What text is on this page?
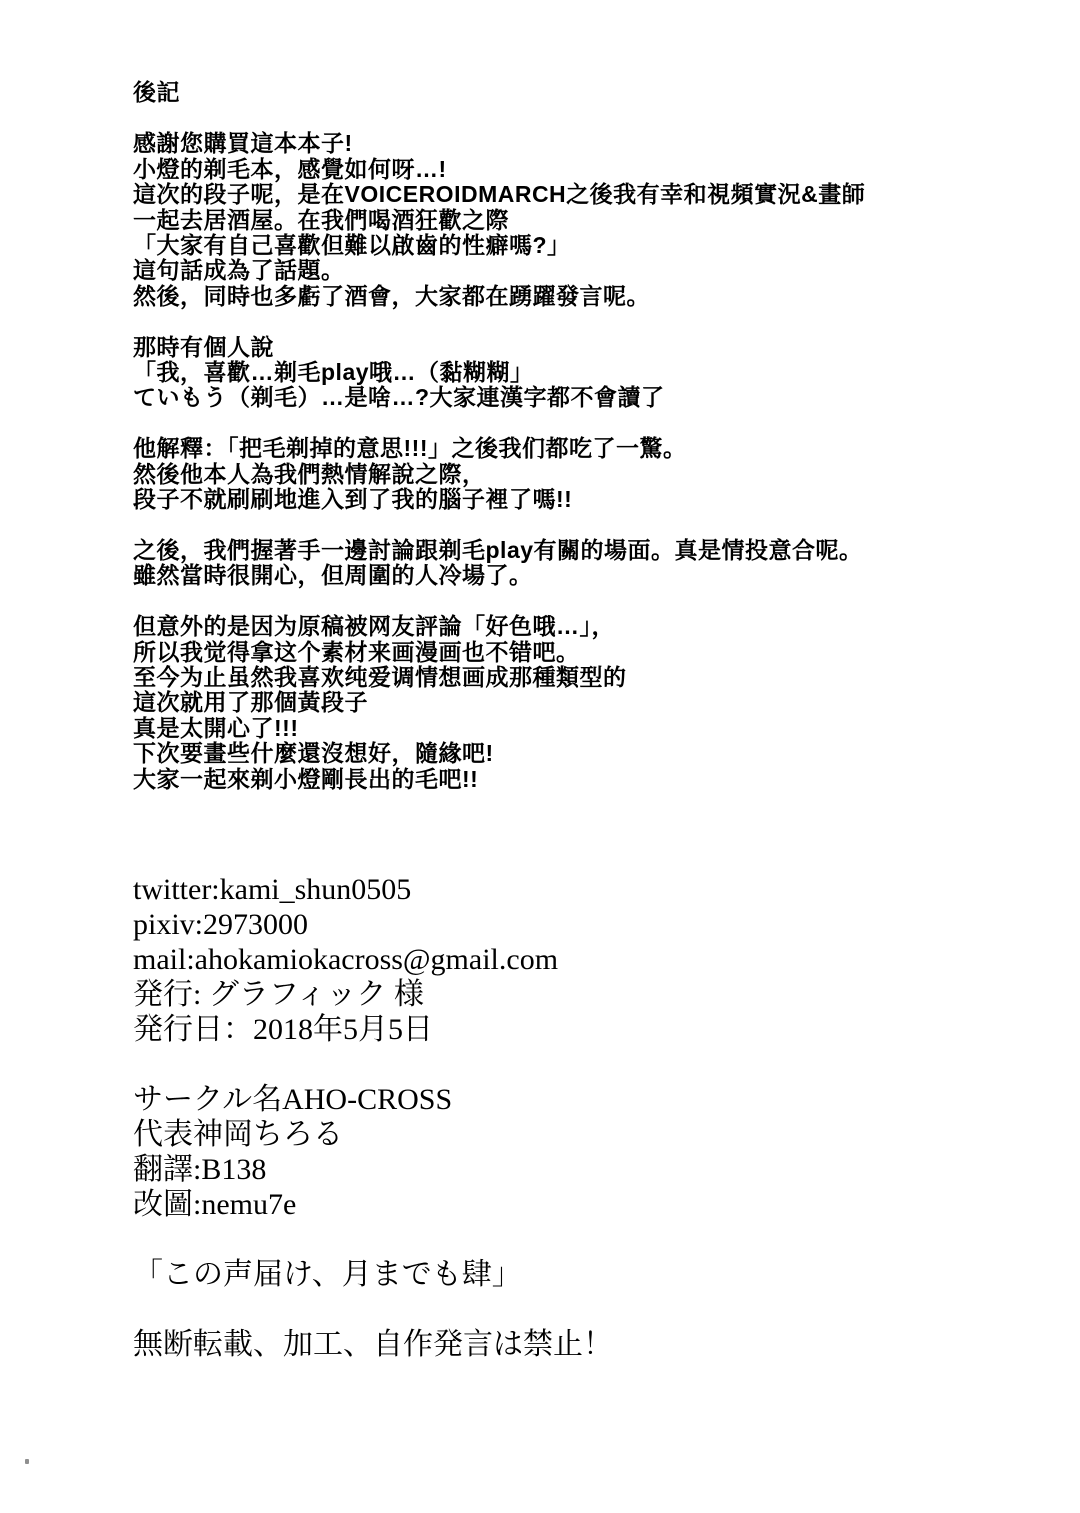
後記
感謝您購買這本本子!
小燈的剃毛本，感覺如何呀…!
這次的段子呢，是在VOICEROIDMARCH之後我有幸和視頻實況&畫師
一起去居酒屋。在我們喝酒狂歡之際
「大家有自己喜歡但難以啟齒的性癖嗎?」
這句話成為了話題。
然後，同時也多虧了酒會，大家都在踴躍發言呢。
那時有個人說
「我，喜歡…剃毛play哦…（黏糊糊」
ていもう（剃毛）…是啥…?大家連漢字都不會讀了
他解釋：「把毛剃掉的意思!!!」之後我们都吃了一驚。
然後他本人為我們熱情解說之際，
段子不就刷刷地進入到了我的腦子裡了嗎!!
之後，我們握著手一邊討論跟剃毛play有關的場面。真是情投意合呢。
雖然當時很開心，但周圍的人冷場了。
但意外的是因为原稿被网友評論「好色哦…」，
所以我觉得拿这个素材来画漫画也不错吧。
至今为止虽然我喜欢纯爱调情想画成那種類型的
這次就用了那個黃段子
真是太開心了!!!
下次要畫些什麼還沒想好，隨緣吧!
大家一起來剃小燈剛長出的毛吧!!
twitter:kami_shun0505
pixiv:2973000
mail:ahokamiokacross@gmail.com
発行: グラフィック 様
発行日：2018年5月5日
サークル名AHO-CROSS
代表神岡ちろる
翻譯:B138
改圖:nemu7e
「この声届け、月までも肆」
無断転載、加工、自作発言は禁止！
